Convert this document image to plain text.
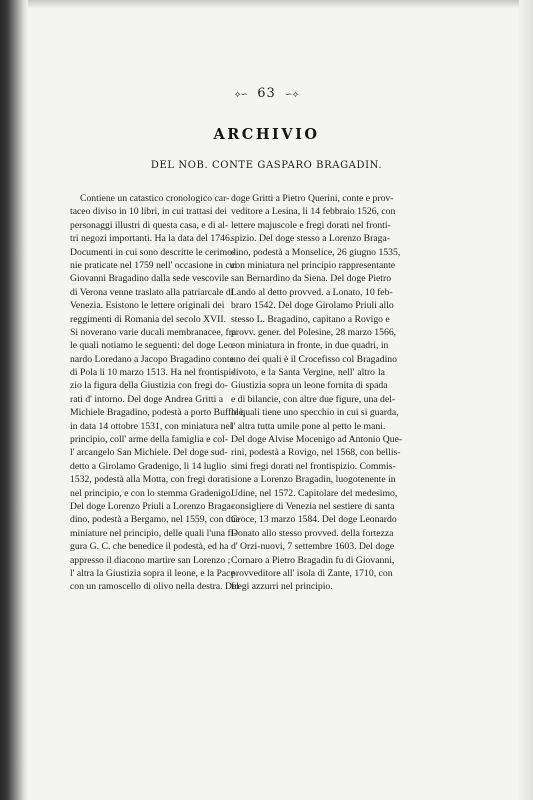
⟡∽ 63 ∽⟡
ARCHIVIO
DEL NOB. CONTE GASPARO BRAGADIN.
Contiene un catastico cronologico car-
taceo diviso in 10 libri, in cui trattasi dei
personaggi illustri di questa casa, e di al-
tri negozi importanti. Ha la data del 1746.
Documenti in cui sono descritte le cerimo-
nie praticate nel 1759 nell' occasione in cui
Giovanni Bragadino dalla sede vescovile
di Verona venne traslato alla patriarcale di
Venezia. Esistono le lettere originali dei
reggimenti di Romania del secolo XVII.
Si noverano varie ducali membranacee, fra
le quali notiamo le seguenti: del doge Leo-
nardo Loredano a Jacopo Bragadino conte
di Pola li 10 marzo 1513. Ha nel frontispi-
zio la figura della Giustizia con fregi do-
rati d' intorno. Del doge Andrea Gritti a
Michiele Bragadino, podestà a porto Buffolè,
in data 14 ottobre 1531, con miniatura nel
principio, coll' arme della famiglia e col-
l' arcangelo San Michiele. Del doge sud-
detto a Girolamo Gradenigo, li 14 luglio
1532, podestà alla Motta, con fregi dorati
nel principio, e con lo stemma Gradenigo.
Del doge Lorenzo Priuli a Lorenzo Braga-
dino, podestà a Bergamo, nel 1559, con due
miniature nel principio, delle quali l'una fi-
gura G. C. che benedice il podestà, ed ha
appresso il diacono martire san Lorenzo ;
l' altra la Giustizia sopra il leone, e la Pace
con un ramoscello di olivo nella destra. Del
doge Gritti a Pietro Querini, conte e prov-
veditore a Lesina, li 14 febbraio 1526, con
lettere majuscole e fregi dorati nel fronti-
spizio. Del doge stesso a Lorenzo Braga-
dino, podestà a Monselice, 26 giugno 1535,
con miniatura nel principio rappresentante
san Bernardino da Siena. Del doge Pietro
Lando al detto provved. a Lonato, 10 feb-
braro 1542. Del doge Girolamo Priuli allo
stesso L. Bragadino, capitano a Rovigo e
provv. gener. del Polesine, 28 marzo 1566,
con miniatura in fronte, in due quadri, in
uno dei quali è il Crocefisso col Bragadino
divoto, e la Santa Vergine, nell' altro la
Giustizia sopra un leone fornita di spada
e di bilancie, con altre due figure, una del-
le quali tiene uno specchio in cui si guarda,
l' altra tutta umile pone al petto le mani.
Del doge Alvise Mocenigo ad Antonio Que-
rini, podestà a Rovigo, nel 1568, con bellis-
simi fregi dorati nel frontispizio. Commis-
sione a Lorenzo Bragadin, luogotenente in
Udine, nel 1572. Capitolare del medesimo,
consigliere di Venezia nel sestiere di santa
Croce, 13 marzo 1584. Del doge Leonardo
Donato allo stesso provved. della fortezza
d' Orzi-nuovi, 7 settembre 1603. Del doge
Cornaro a Pietro Bragadin fu di Giovanni,
provveditore all' isola di Zante, 1710, con
fregi azzurri nel principio.
